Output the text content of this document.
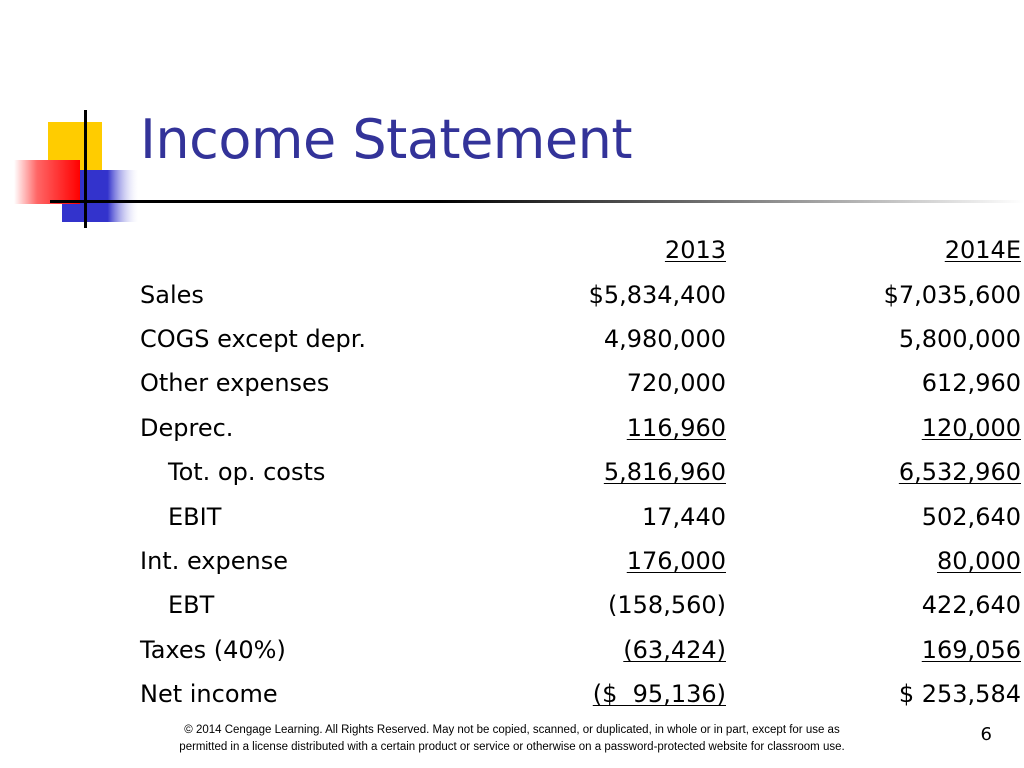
Income Statement
	2013	2014E
Sales	$5,834,400	$7,035,600
COGS except depr.	4,980,000	5,800,000
Other expenses	720,000	612,960
Deprec.	116,960	120,000
Tot. op. costs	5,816,960	6,532,960
EBIT	17,440	502,640
Int. expense	176,000	80,000
EBT	(158,560)	422,640
Taxes (40%)	(63,424)	169,056
Net income	($  95,136)	$ 253,584
© 2014 Cengage Learning. All Rights Reserved. May not be copied, scanned, or duplicated, in whole or in part, except for use as
permitted in a license distributed with a certain product or service or otherwise on a password-protected website for classroom use.
6
